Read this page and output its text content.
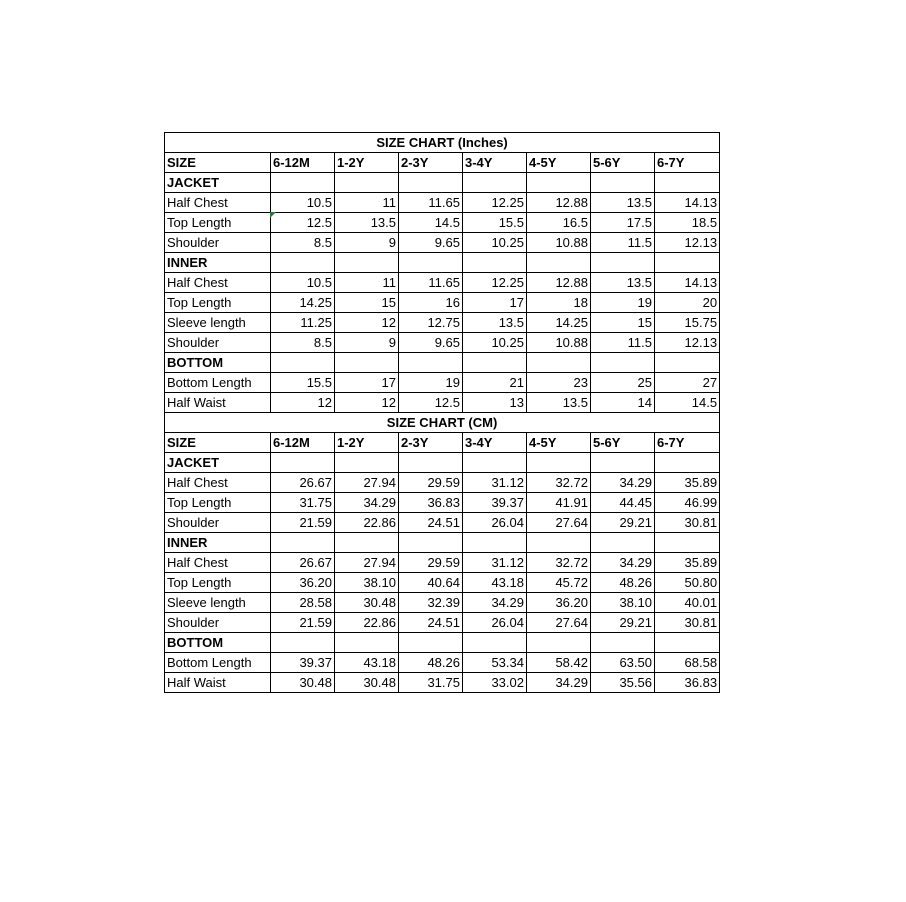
SIZE CHART (Inches)							
SIZE	6-12M	1-2Y	2-3Y	3-4Y	4-5Y	5-6Y	6-7Y
JACKET							
Half Chest	10.5	11	11.65	12.25	12.88	13.5	14.13
Top Length	12.5	13.5	14.5	15.5	16.5	17.5	18.5
Shoulder	8.5	9	9.65	10.25	10.88	11.5	12.13
INNER							
Half Chest	10.5	11	11.65	12.25	12.88	13.5	14.13
Top Length	14.25	15	16	17	18	19	20
Sleeve length	11.25	12	12.75	13.5	14.25	15	15.75
Shoulder	8.5	9	9.65	10.25	10.88	11.5	12.13
BOTTOM							
Bottom Length	15.5	17	19	21	23	25	27
Half Waist	12	12	12.5	13	13.5	14	14.5
SIZE CHART (CM)							
SIZE	6-12M	1-2Y	2-3Y	3-4Y	4-5Y	5-6Y	6-7Y
JACKET							
Half Chest	26.67	27.94	29.59	31.12	32.72	34.29	35.89
Top Length	31.75	34.29	36.83	39.37	41.91	44.45	46.99
Shoulder	21.59	22.86	24.51	26.04	27.64	29.21	30.81
INNER							
Half Chest	26.67	27.94	29.59	31.12	32.72	34.29	35.89
Top Length	36.20	38.10	40.64	43.18	45.72	48.26	50.80
Sleeve length	28.58	30.48	32.39	34.29	36.20	38.10	40.01
Shoulder	21.59	22.86	24.51	26.04	27.64	29.21	30.81
BOTTOM							
Bottom Length	39.37	43.18	48.26	53.34	58.42	63.50	68.58
Half Waist	30.48	30.48	31.75	33.02	34.29	35.56	36.83
